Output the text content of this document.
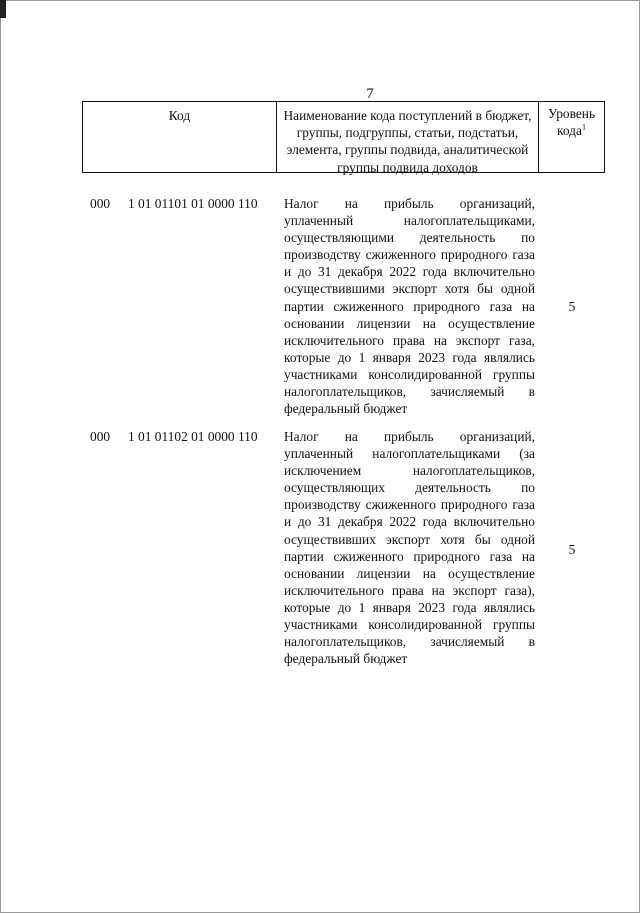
7
Код	Наименование кода поступлений в бюджет, группы, подгруппы, статьи, подстатьи, элемента, группы подвида, аналитической группы подвида доходов
Уровень кода$^1$
000 1 01 01101 01 0000 110 Налог на прибыль организаций, уплаченный налогоплательщиками, осуществляющими деятельность по производству сжиженного природного газа и до 31 декабря 2022 года включительно осуществившими экспорт хотя бы одной партии сжиженного природного газа на основании лицензии на осуществление исключительного права на экспорт газа, которые до 1 января 2023 года являлись участниками консолидированной группы налогоплательщиков, зачисляемый в федеральный бюджет
5
000 1 01 01102 01 0000 110 Налог на прибыль организаций, уплаченный налогоплательщиками (за исключением налогоплательщиков, осуществляющих деятельность по производству сжиженного природного газа и до 31 декабря 2022 года включительно осуществивших экспорт хотя бы одной партии сжиженного природного газа на основании лицензии на осуществление исключительного права на экспорт газа), которые до 1 января 2023 года являлись участниками консолидированной группы налогоплательщиков, зачисляемый в федеральный бюджет
5
